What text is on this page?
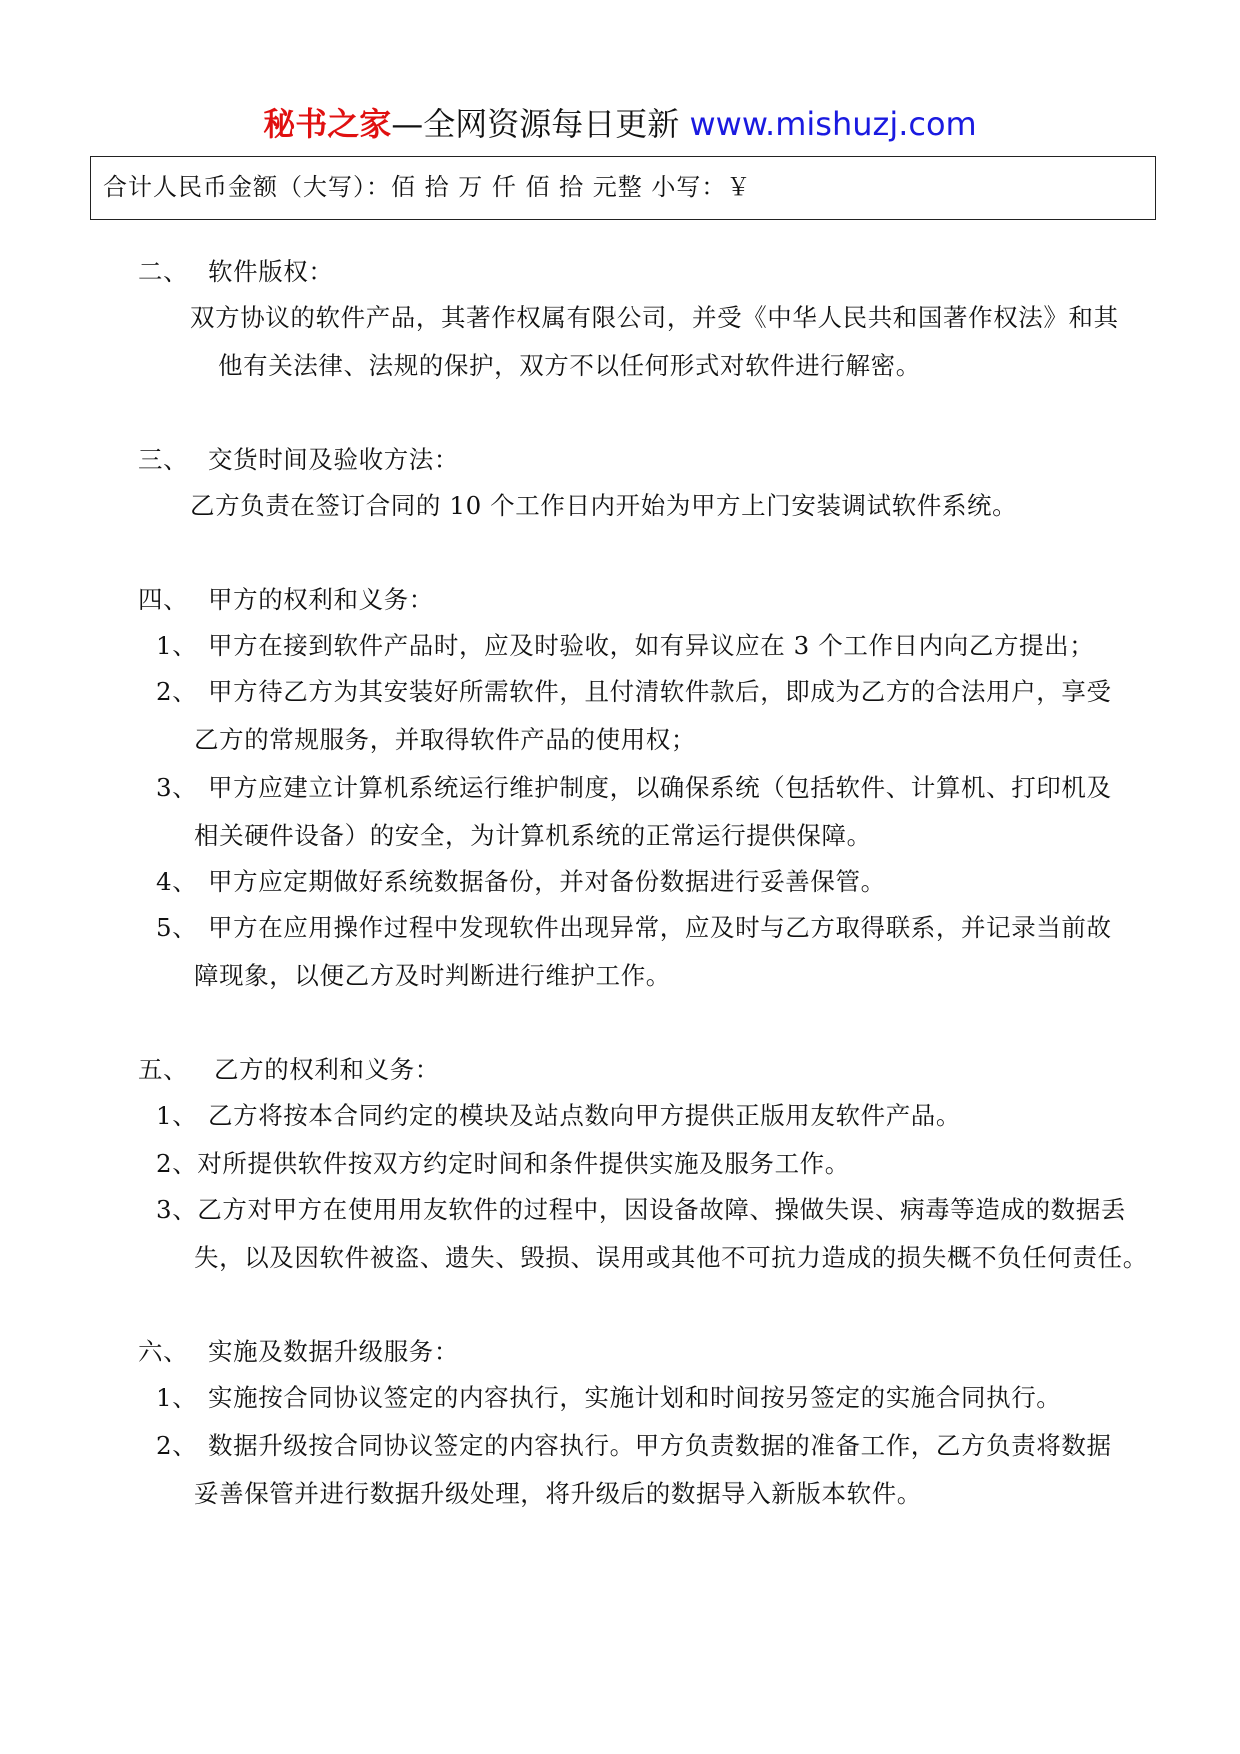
秘书之家—全网资源每日更新 www.mishuzj.com
合计人民币金额（大写）：佰 拾 万 仟 佰 拾 元整 小写：￥
二、 软件版权：
双方协议的软件产品，其著作权属有限公司，并受《中华人民共和国著作权法》和其
他有关法律、法规的保护，双方不以任何形式对软件进行解密。
三、 交货时间及验收方法：
乙方负责在签订合同的 10 个工作日内开始为甲方上门安装调试软件系统。
四、 甲方的权利和义务：
1、 甲方在接到软件产品时，应及时验收，如有异议应在 3 个工作日内向乙方提出；
2、 甲方待乙方为其安装好所需软件，且付清软件款后，即成为乙方的合法用户，享受
乙方的常规服务，并取得软件产品的使用权；
3、 甲方应建立计算机系统运行维护制度，以确保系统（包括软件、计算机、打印机及
相关硬件设备）的安全，为计算机系统的正常运行提供保障。
4、 甲方应定期做好系统数据备份，并对备份数据进行妥善保管。
5、 甲方在应用操作过程中发现软件出现异常，应及时与乙方取得联系，并记录当前故
障现象，以便乙方及时判断进行维护工作。
五、 乙方的权利和义务：
1、 乙方将按本合同约定的模块及站点数向甲方提供正版用友软件产品。
2、对所提供软件按双方约定时间和条件提供实施及服务工作。
3、乙方对甲方在使用用友软件的过程中，因设备故障、操做失误、病毒等造成的数据丢
失，以及因软件被盗、遗失、毁损、误用或其他不可抗力造成的损失概不负任何责任。
六、 实施及数据升级服务：
1、 实施按合同协议签定的内容执行，实施计划和时间按另签定的实施合同执行。
2、 数据升级按合同协议签定的内容执行。甲方负责数据的准备工作，乙方负责将数据
妥善保管并进行数据升级处理，将升级后的数据导入新版本软件。
